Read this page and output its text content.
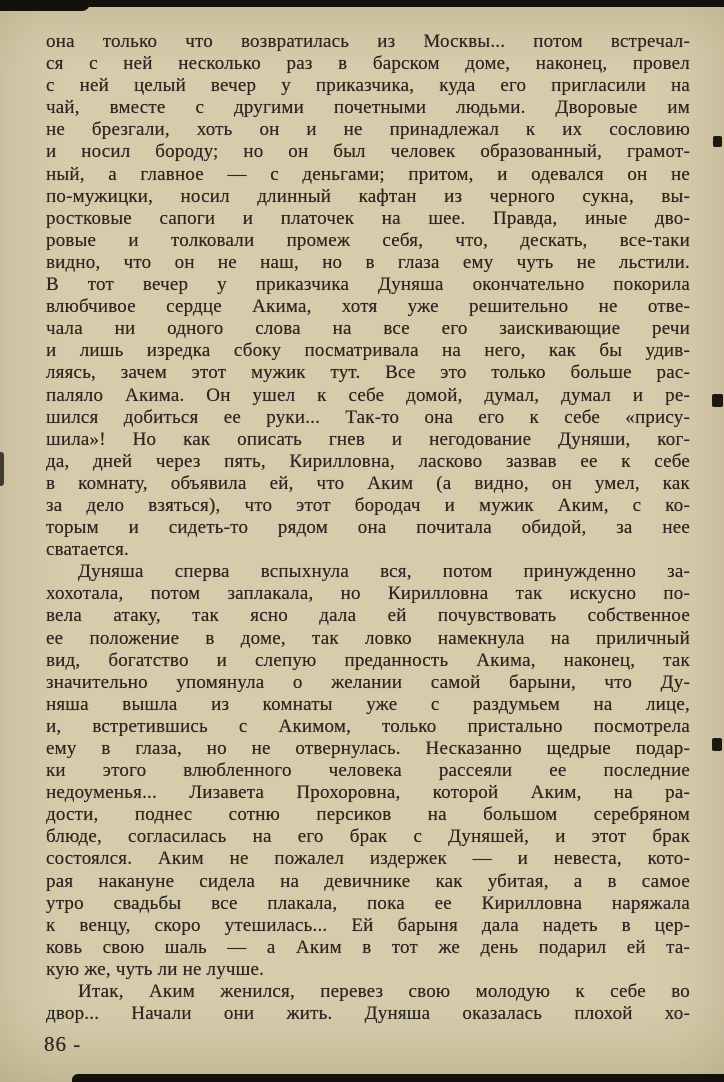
она только что возвратилась из Москвы... потом встречал-
ся с ней несколько раз в барском доме, наконец, провел
с ней целый вечер у приказчика, куда его пригласили на
чай, вместе с другими почетными людьми. Дворовые им
не брезгали, хоть он и не принадлежал к их сословию
и носил бороду; но он был человек образованный, грамот-
ный, а главное — с деньгами; притом, и одевался он не
по-мужицки, носил длинный кафтан из черного сукна, вы-
ростковые сапоги и платочек на шее. Правда, иные дво-
ровые и толковали промеж себя, что, дескать, все-таки
видно, что он не наш, но в глаза ему чуть не льстили.
В тот вечер у приказчика Дуняша окончательно покорила
влюбчивое сердце Акима, хотя уже решительно не отве-
чала ни одного слова на все его заискивающие речи
и лишь изредка сбоку посматривала на него, как бы удив-
ляясь, зачем этот мужик тут. Все это только больше рас-
паляло Акима. Он ушел к себе домой, думал, думал и ре-
шился добиться ее руки... Так-то она его к себе «прису-
шила»! Но как описать гнев и негодование Дуняши, ког-
да, дней через пять, Кирилловна, ласково зазвав ее к себе
в комнату, объявила ей, что Аким (а видно, он умел, как
за дело взяться), что этот бородач и мужик Аким, с ко-
торым и сидеть-то рядом она почитала обидой, за нее
сватается.
Дуняша сперва вспыхнула вся, потом принужденно за-
хохотала, потом заплакала, но Кирилловна так искусно по-
вела атаку, так ясно дала ей почувствовать собственное
ее положение в доме, так ловко намекнула на приличный
вид, богатство и слепую преданность Акима, наконец, так
значительно упомянула о желании самой барыни, что Ду-
няша вышла из комнаты уже с раздумьем на лице,
и, встретившись с Акимом, только пристально посмотрела
ему в глаза, но не отвернулась. Несказанно щедрые подар-
ки этого влюбленного человека рассеяли ее последние
недоуменья... Лизавета Прохоровна, которой Аким, на ра-
дости, поднес сотню персиков на большом серебряном
блюде, согласилась на его брак с Дуняшей, и этот брак
состоялся. Аким не пожалел издержек — и невеста, кото-
рая накануне сидела на девичнике как убитая, а в самое
утро свадьбы все плакала, пока ее Кирилловна наряжала
к венцу, скоро утешилась... Ей барыня дала надеть в цер-
ковь свою шаль — а Аким в тот же день подарил ей та-
кую же, чуть ли не лучше.
Итак, Аким женился, перевез свою молодую к себе во
двор... Начали они жить. Дуняша оказалась плохой хо-
86 -
